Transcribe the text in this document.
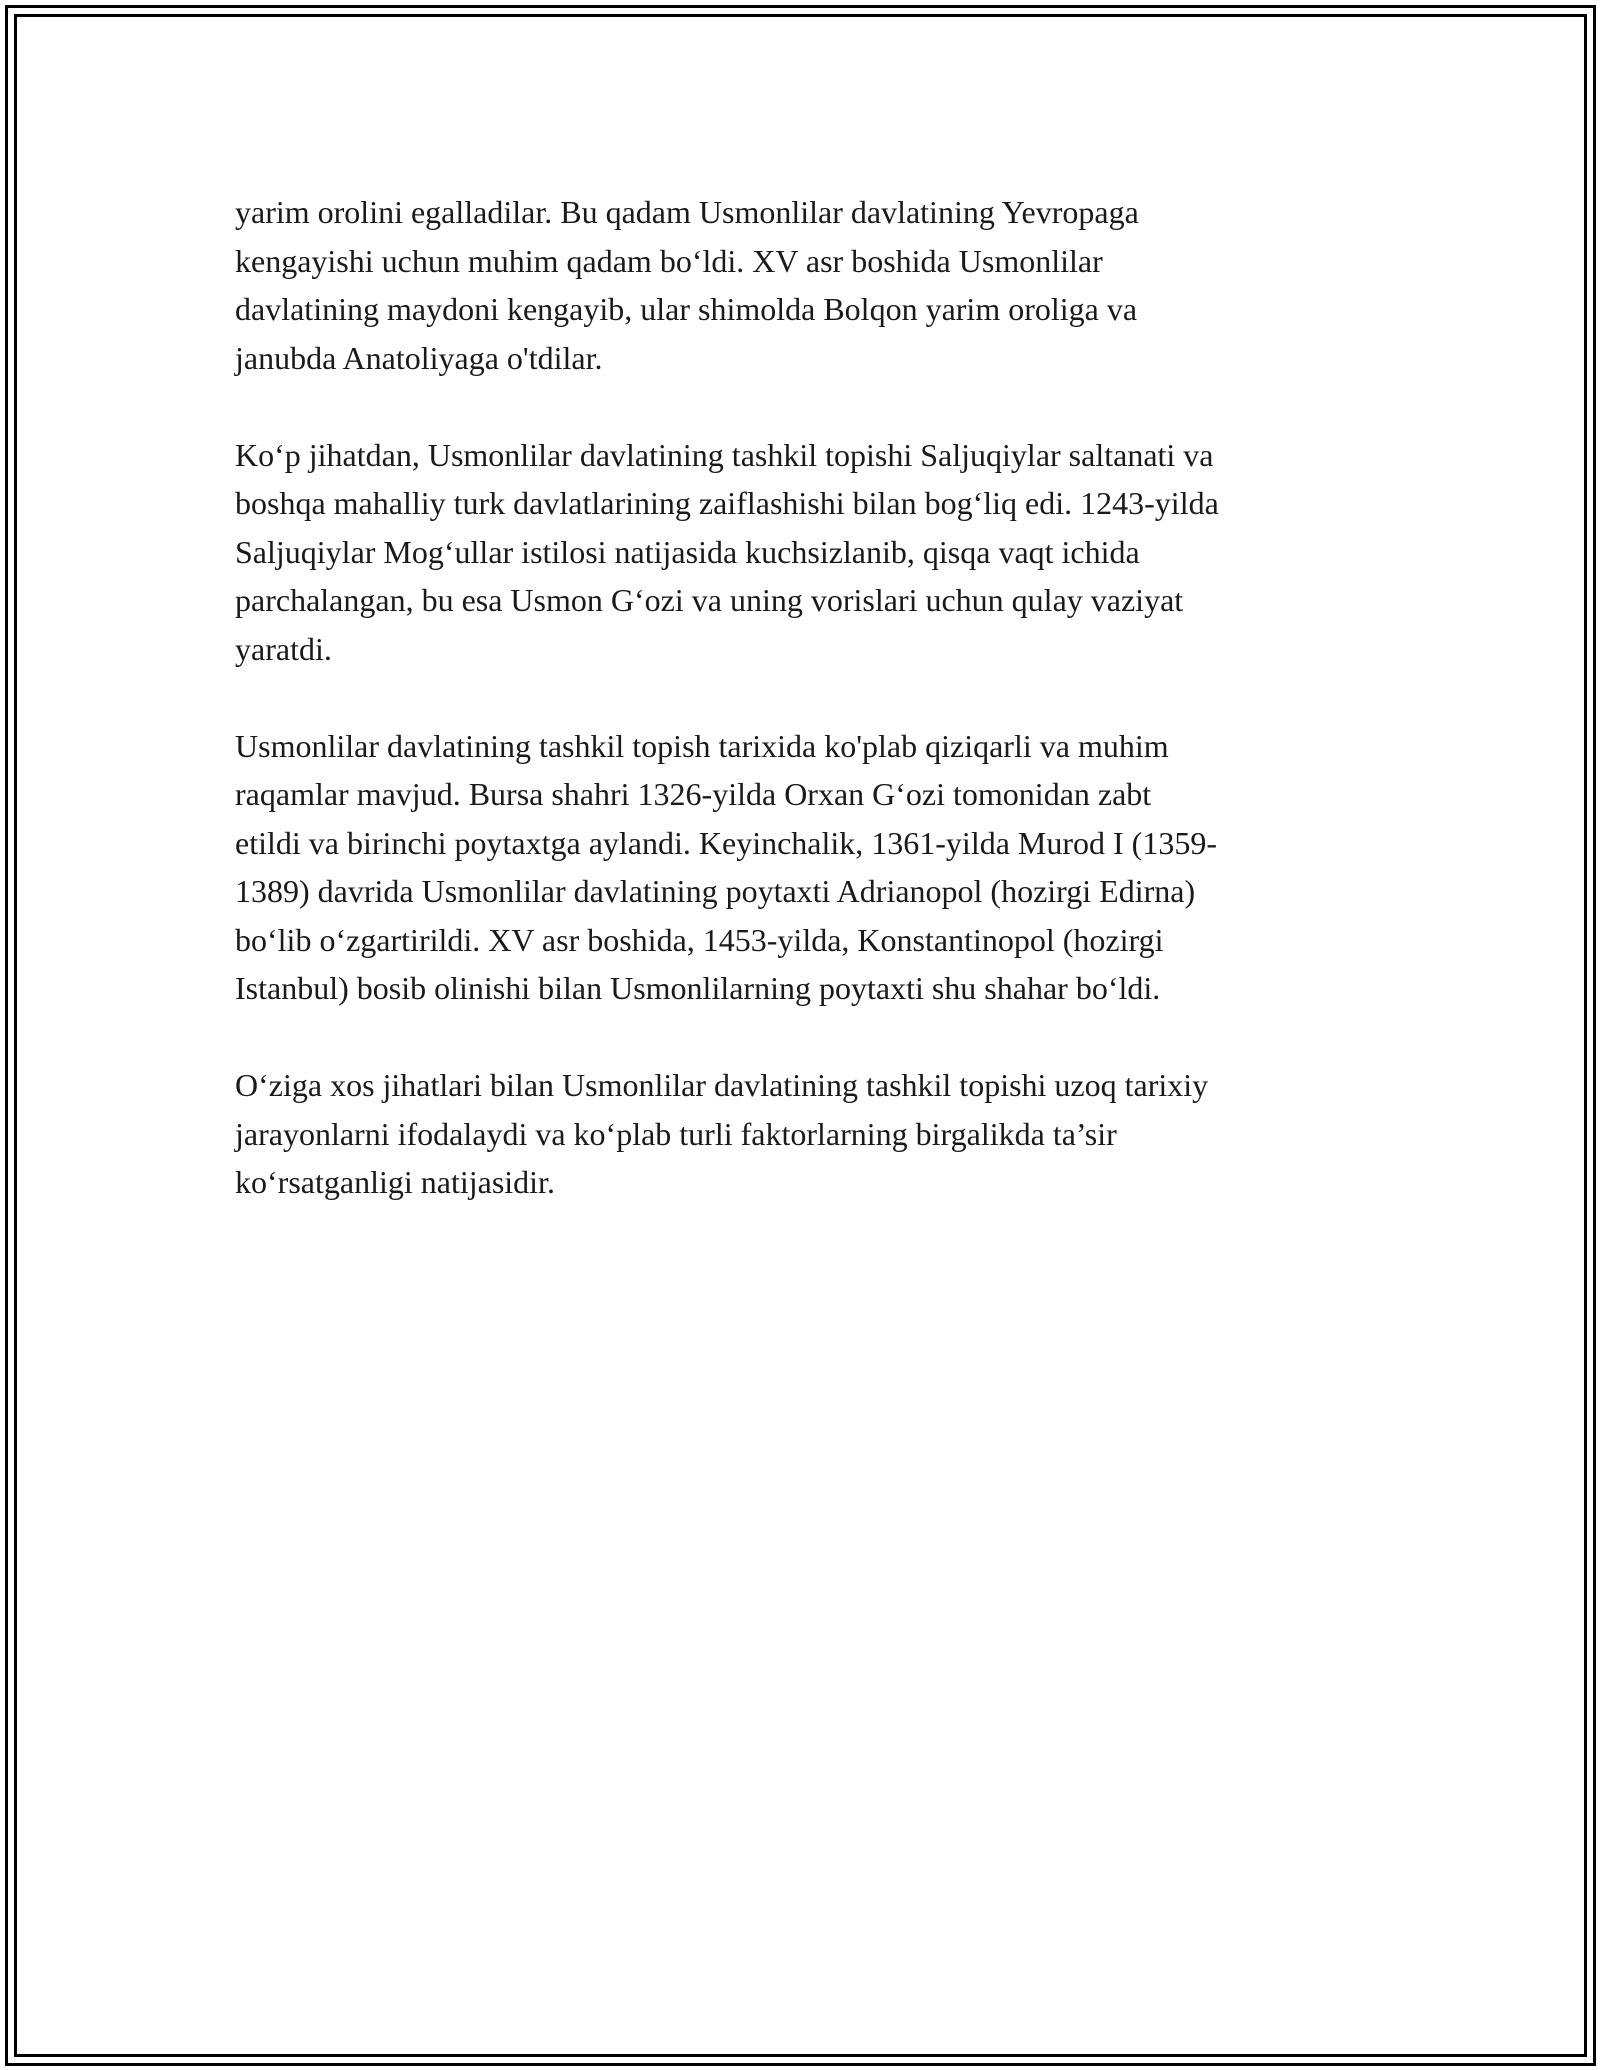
yarim orolini egalladilar. Bu qadam Usmonlilar davlatining Yevropaga
kengayishi uchun muhim qadam bo‘ldi. XV asr boshida Usmonlilar
davlatining maydoni kengayib, ular shimolda Bolqon yarim oroliga va
janubda Anatoliyaga o'tdilar.

Ko‘p jihatdan, Usmonlilar davlatining tashkil topishi Saljuqiylar saltanati va
boshqa mahalliy turk davlatlarining zaiflashishi bilan bog‘liq edi. 1243-yilda
Saljuqiylar Mog‘ullar istilosi natijasida kuchsizlanib, qisqa vaqt ichida
parchalangan, bu esa Usmon G‘ozi va uning vorislari uchun qulay vaziyat
yaratdi.

Usmonlilar davlatining tashkil topish tarixida ko'plab qiziqarli va muhim
raqamlar mavjud. Bursa shahri 1326-yilda Orxan G‘ozi tomonidan zabt
etildi va birinchi poytaxtga aylandi. Keyinchalik, 1361-yilda Murod I (1359-
1389) davrida Usmonlilar davlatining poytaxti Adrianopol (hozirgi Edirna)
bo‘lib o‘zgartirildi. XV asr boshida, 1453-yilda, Konstantinopol (hozirgi
Istanbul) bosib olinishi bilan Usmonlilarning poytaxti shu shahar bo‘ldi.

O‘ziga xos jihatlari bilan Usmonlilar davlatining tashkil topishi uzoq tarixiy
jarayonlarni ifodalaydi va ko‘plab turli faktorlarning birgalikda ta’sir
ko‘rsatganligi natijasidir.
